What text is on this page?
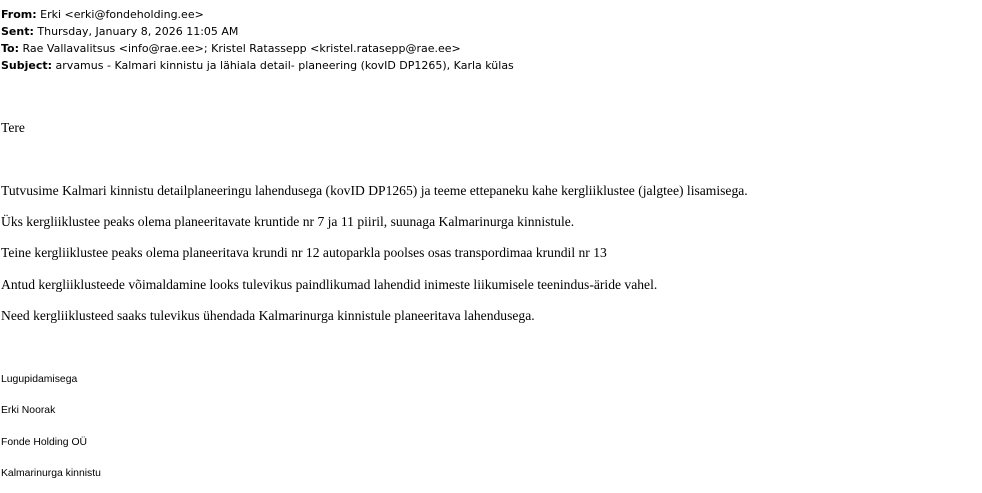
From: Erki <erki@fondeholding.ee>
Sent: Thursday, January 8, 2026 11:05 AM
To: Rae Vallavalitsus <info@rae.ee>; Kristel Ratassepp <kristel.ratasepp@rae.ee>
Subject: arvamus - Kalmari kinnistu ja lähiala detail- planeering (kovID DP1265), Karla külas
Tere
Tutvusime Kalmari kinnistu detailplaneeringu lahendusega (kovID DP1265) ja teeme ettepaneku kahe kergliiklustee (jalgtee) lisamisega.
Üks kergliiklustee peaks olema planeeritavate kruntide nr 7 ja 11 piiril, suunaga Kalmarinurga kinnistule.
Teine kergliiklustee peaks olema planeeritava krundi nr 12 autoparkla poolses osas transpordimaa krundil nr 13
Antud kergliiklusteede võimaldamine looks tulevikus paindlikumad lahendid inimeste liikumisele teenindus-äride vahel.
Need kergliiklusteed saaks tulevikus ühendada Kalmarinurga kinnistule planeeritava lahendusega.
Lugupidamisega
Erki Noorak
Fonde Holding OÜ
Kalmarinurga kinnistu
